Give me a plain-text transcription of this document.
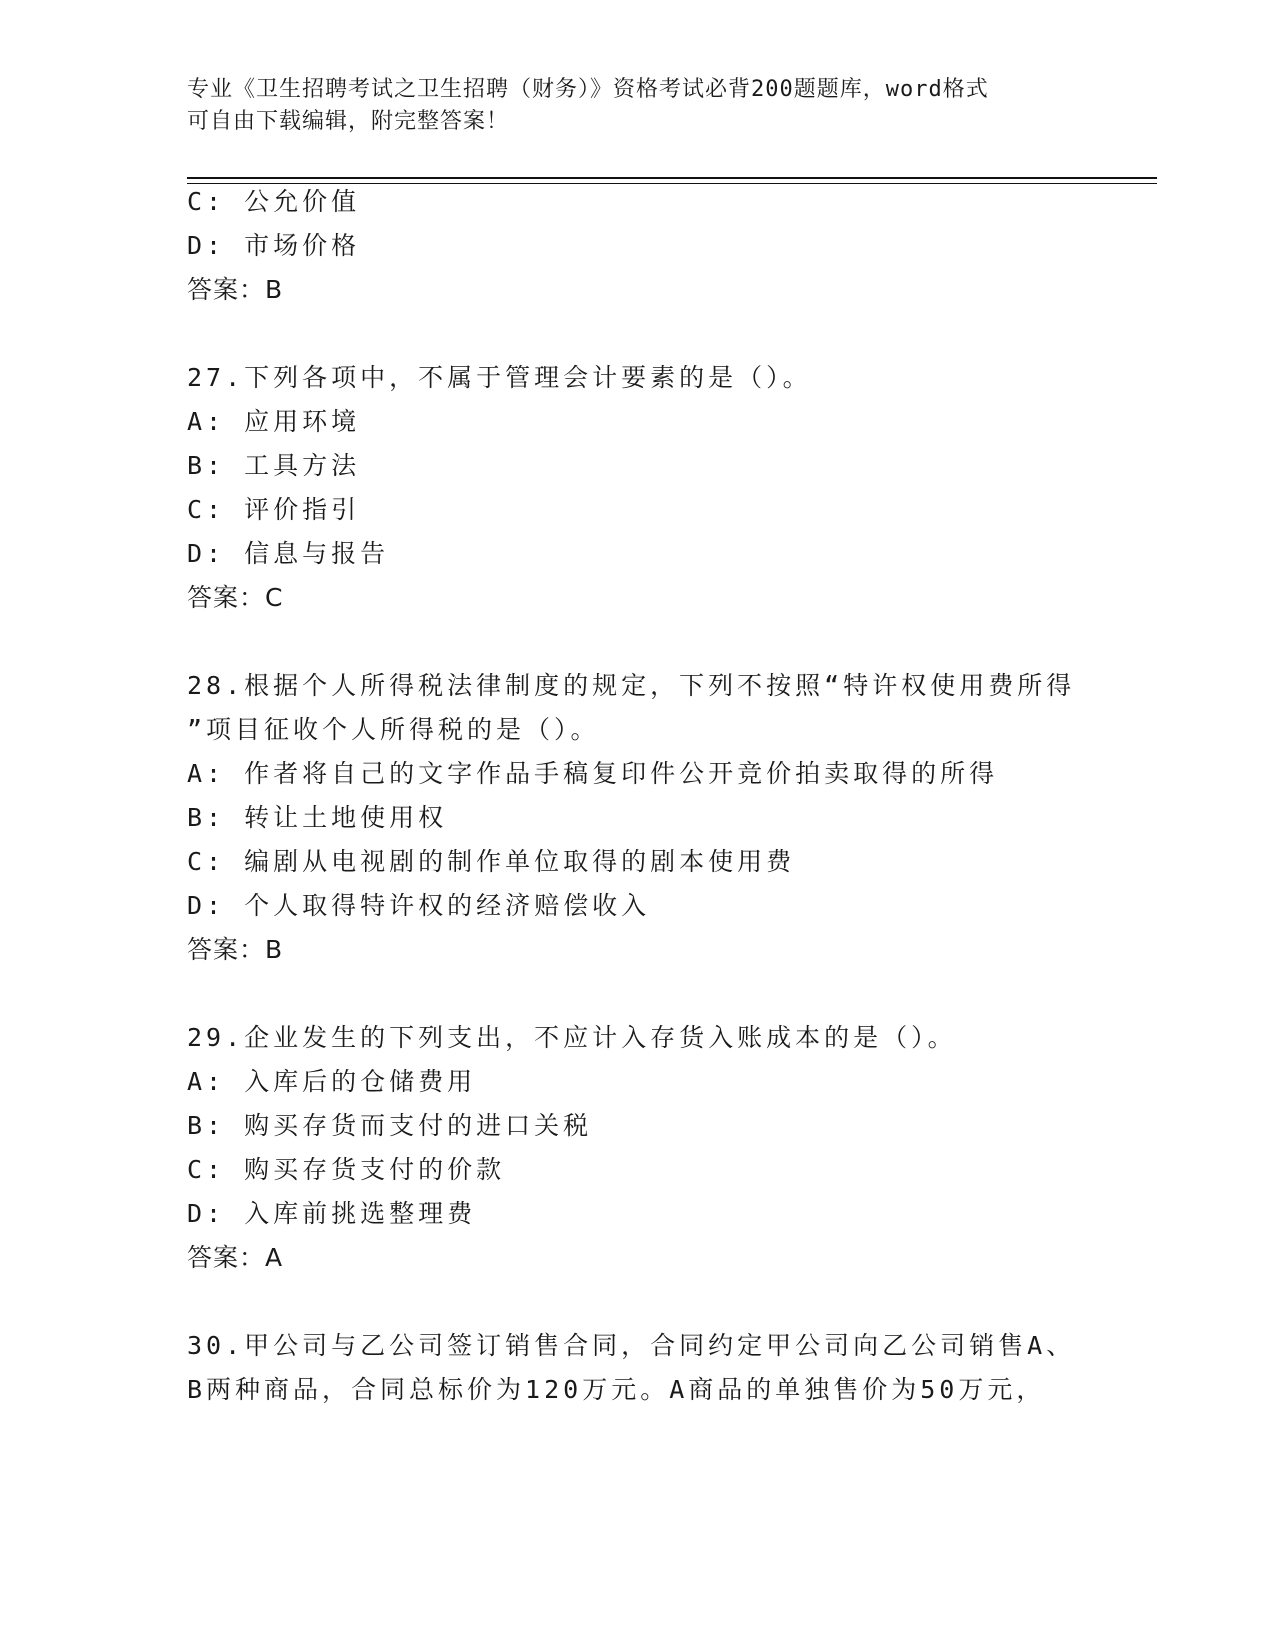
专业《卫生招聘考试之卫生招聘（财务）》资格考试必背200题题库，word格式
可自由下载编辑，附完整答案！
C: 公允价值
D: 市场价格
答案：B
27.下列各项中，不属于管理会计要素的是（）。
A: 应用环境
B: 工具方法
C: 评价指引
D: 信息与报告
答案：C
28.根据个人所得税法律制度的规定，下列不按照“特许权使用费所得
”项目征收个人所得税的是（）。
A: 作者将自己的文字作品手稿复印件公开竞价拍卖取得的所得
B: 转让土地使用权
C: 编剧从电视剧的制作单位取得的剧本使用费
D: 个人取得特许权的经济赔偿收入
答案：B
29.企业发生的下列支出，不应计入存货入账成本的是（）。
A: 入库后的仓储费用
B: 购买存货而支付的进口关税
C: 购买存货支付的价款
D: 入库前挑选整理费
答案：A
30.甲公司与乙公司签订销售合同，合同约定甲公司向乙公司销售A、
B两种商品，合同总标价为120万元。A商品的单独售价为50万元，
